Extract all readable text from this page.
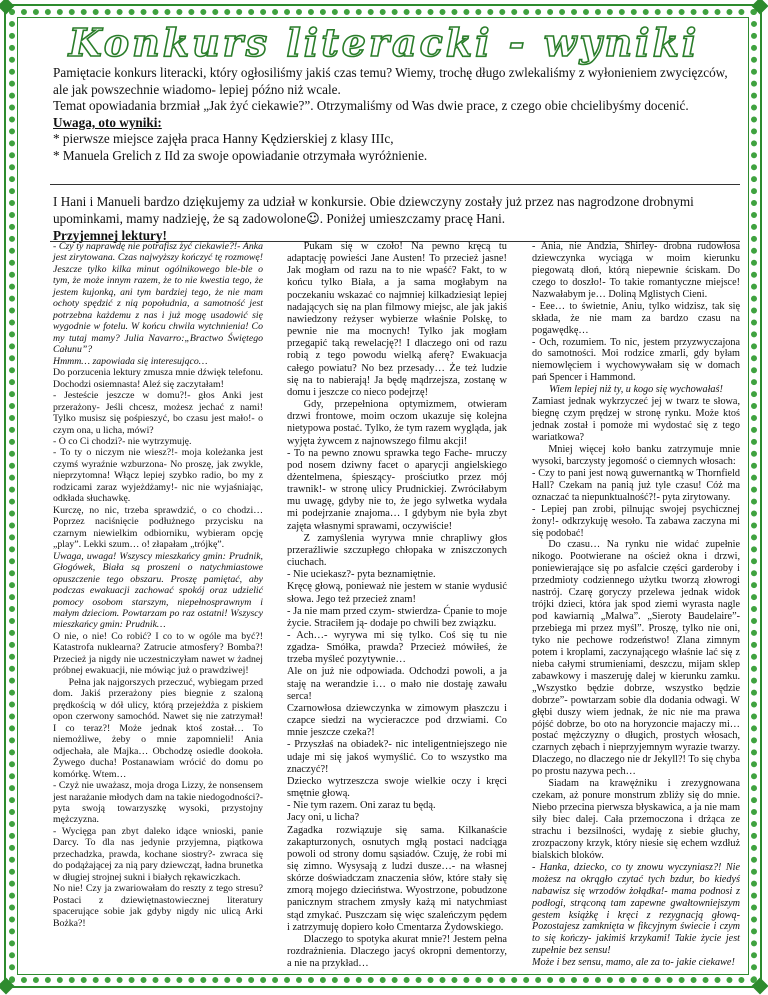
Konkurs literacki - wyniki

Pamiętacie konkurs literacki, który ogłosiliśmy jakiś czas temu? Wiemy, trochę długo zwlekaliśmy z wyłonieniem zwycięzców, ale jak powszechnie wiadomo- lepiej późno niż wcale.

Temat opowiadania brzmiał „Jak żyć ciekawie?”. Otrzymaliśmy od Was dwie prace, z czego obie chcielibyśmy docenić.

Uwaga, oto wyniki:

* pierwsze miejsce zajęła praca Hanny Kędzierskiej z klasy IIIc,

* Manuela Grelich z IId za swoje opowiadanie otrzymała wyróżnienie.

I Hani i Manueli bardzo dziękujemy za udział w konkursie. Obie dziewczyny zostały już przez nas nagrodzone drobnymi upominkami, mamy nadzieję, że są zadowolone☺. Poniżej umieszczamy pracę Hani.

Przyjemnej lektury!

- Czy ty naprawdę nie potrafisz żyć ciekawie?!- Anka jest zirytowana. Czas najwyższy kończyć tę rozmowę! Jeszcze tylko kilka minut ogólnikowego ble-ble o tym, że może innym razem, że to nie kwestia tego, że jestem kujonką, ani tym bardziej tego, że nie mam ochoty spędzić z nią popołudnia, a samotność jest potrzebna każdemu z nas i już mogę usadowić się wygodnie w fotelu. W końcu chwila wytchnienia! Co my tutaj mamy? Julia Navarro:„Bractwo Świętego Całunu”?

Hmmm… zapowiada się interesująco…

Do porzucenia lektury zmusza mnie dźwięk telefonu. Dochodzi osiemnasta! Aleź się zaczytałam!

- Jesteście jeszcze w domu?!- głos Anki jest przerażony- Jeśli chcesz, możesz jechać z nami! Tylko musisz się pośpieszyć, bo czasu jest mało!- o czym ona, u licha, mówi?

- O co Ci chodzi?- nie wytrzymuję.

- To ty o niczym nie wiesz?!- moja koleżanka jest czymś wyraźnie wzburzona- No proszę, jak zwykle, nieprzytomna! Włącz lepiej szybko radio, bo my z rodzicami zaraz wyjeżdżamy!- nic nie wyjaśniając, odkłada słuchawkę.

Kurczę, no nic, trzeba sprawdzić, o co chodzi… Poprzez naciśnięcie podłużnego przycisku na czarnym niewielkim odbiorniku, wybieram opcję „play”. Lekki szum… o! złapałam „trójkę”.

Uwaga, uwaga! Wszyscy mieszkańcy gmin: Prudnik, Głogówek, Biała są proszeni o natychmiastowe opuszczenie tego obszaru. Proszę pamiętać, aby podczas ewakuacji zachować spokój oraz udzielić pomocy osobom starszym, niepełnosprawnym i małym dzieciom. Powtarzam po raz ostatni! Wszyscy mieszkańcy gmin: Prudnik…

O nie, o nie! Co robić? I co to w ogóle ma być?! Katastrofa nuklearna? Zatrucie atmosfery? Bomba?! Przecież ja nigdy nie uczestniczyłam nawet w żadnej próbnej ewakuacji, nie mówiąc już o prawdziwej!

Pełna jak najgorszych przeczuć, wybiegam przed dom. Jakiś przerażony pies biegnie z szaloną prędkością w dół ulicy, którą przejeżdża z piskiem opon czerwony samochód. Nawet się nie zatrzymał! I co teraz?! Może jednak ktoś został… To niemożliwe, żeby o mnie zapomnieli! Ania odjechała, ale Majka… Obchodzę osiedle dookoła. Żywego ducha! Postanawiam wrócić do domu po komórkę. Wtem…

- Czyż nie uważasz, moja droga Lizzy, że nonsensem jest narażanie młodych dam na takie niedogodności?- pyta swoją towarzyszkę wysoki, przystojny mężczyzna.

- Wycięga pan zbyt daleko idące wnioski, panie Darcy. To dla nas jedynie przyjemna, piątkowa przechadzka, prawda, kochane siostry?- zwraca się do podążającej za nią pary dziewcząt, ładna brunetka w długiej strojnej sukni i białych rękawiczkach.

No nie! Czy ja zwariowałam do reszty z tego stresu? Postaci z dziewiętnastowiecznej literatury spacerujące sobie jak gdyby nigdy nic ulicą Arki Bożka?!

Pukam się w czoło! Na pewno kręcą tu adaptację powieści Jane Austen! To przecież jasne! Jak mogłam od razu na to nie wpaść? Fakt, to w końcu tylko Biała, a ja sama mogłabym na poczekaniu wskazać co najmniej kilkadziesiąt lepiej nadających się na plan filmowy miejsc, ale jak jakiś nawiedzony reżyser wybierze właśnie Polskę, to pewnie nie ma mocnych! Tylko jak mogłam przegapić taką rewelację?! I dlaczego oni od razu robią z tego powodu wielką aferę? Ewakuacja całego powiatu? No bez przesady… Że też ludzie się na to nabierają! Ja będę mądrzejsza, zostanę w domu i jeszcze co nieco podejrzę!

Gdy, przepełniona optymizmem, otwieram drzwi frontowe, moim oczom ukazuje się kolejna nietypowa postać. Tylko, że tym razem wygląda, jak wyjęta żywcem z najnowszego filmu akcji!

- To na pewno znowu sprawka tego Fache- mruczy pod nosem dziwny facet o aparycji angielskiego dżentelmena, śpieszący- prościutko przez mój trawnik!- w stronę ulicy Prudnickiej. Zwróciłabym mu uwagę, gdyby nie to, że jego sylwetka wydała mi podejrzanie znajoma… I gdybym nie była zbyt zajęta własnymi sprawami, oczywiście!

Z zamyślenia wyrywa mnie chrapliwy głos przeraźliwie szczupłego chłopaka w zniszczonych ciuchach.

- Nie uciekasz?- pyta beznamiętnie.

Kręcę głową, ponieważ nie jestem w stanie wydusić słowa. Jego też przecież znam!

- Ja nie mam przed czym- stwierdza- Ćpanie to moje życie. Straciłem ją- dodaje po chwili bez związku.

- Ach…- wyrywa mi się tylko. Coś się tu nie zgadza- Smółka, prawda? Przecież mówiłeś, że trzeba myśleć pozytywnie…

Ale on już nie odpowiada. Odchodzi powoli, a ja staję na werandzie i… o mało nie dostaję zawału serca!

Czarnowłosa dziewczynka w zimowym płaszczu i czapce siedzi na wycieraczce pod drzwiami. Co mnie jeszcze czeka?!

- Przyszłaś na obiadek?- nic inteligentniejszego nie udaje mi się jakoś wymyślić. Co to wszystko ma znaczyć?!

Dziecko wytrzeszcza swoje wielkie oczy i kręci smętnie głową.

- Nie tym razem. Oni zaraz tu będą.

Jacy oni, u licha?

Zagadka rozwiązuje się sama. Kilkanaście zakapturzonych, osnutych mgłą postaci nadciąga powoli od strony domu sąsiadów. Czuję, że robi mi się zimno. Wysysają z ludzi dusze…- na własnej skórze doświadczam znaczenia słów, które stały się zmorą mojego dzieciństwa. Wyostrzone, pobudzone panicznym strachem zmysły każą mi natychmiast stąd zmykać. Puszczam się więc szaleńczym pędem i zatrzymuję dopiero koło Cmentarza Żydowskiego.

Dlaczego to spotyka akurat mnie?! Jestem pełna rozdrażnienia. Dlaczego jacyś okropni dementorzy, a nie na przykład…

- Ania, nie Andzia, Shirley- drobna rudowłosa dziewczynka wyciąga w moim kierunku piegowatą dłoń, którą niepewnie ściskam. Do czego to doszło!- To takie romantyczne miejsce! Nazwałabym je… Doliną Mglistych Cieni.

- Eee… to świetnie, Aniu, tylko widzisz, tak się składa, że nie mam za bardzo czasu na pogawędkę…

- Och, rozumiem. To nic, jestem przyzwyczajona do samotności. Moi rodzice zmarli, gdy byłam niemowlęciem i wychowywałam się w domach pań Spencer i Hammond.

Wiem lepiej niż ty, u kogo się wychowałaś!

Zamiast jednak wykrzyczeć jej w twarz te słowa, biegnę czym prędzej w stronę rynku. Może ktoś jednak został i pomoże mi wydostać się z tego wariatkowa?

Mniej więcej koło banku zatrzymuje mnie wysoki, barczysty jegomość o ciemnych włosach:

- Czy to pani jest nową guwernantką w Thornfield Hall? Czekam na panią już tyle czasu! Cóż ma oznaczać ta niepunktualność?!- pyta zirytowany.

- Lepiej pan zrobi, pilnując swojej psychicznej żony!- odkrzykuję wesoło. Ta zabawa zaczyna mi się podobać!

Do czasu… Na rynku nie widać zupełnie nikogo. Pootwierane na oścież okna i drzwi, poniewierające się po asfalcie części garderoby i przedmioty codziennego użytku tworzą złowrogi nastrój. Czarę goryczy przelewa jednak widok trójki dzieci, która jak spod ziemi wyrasta nagle pod kawiarnią „Malwa”. „Sieroty Baudelaire”- przebiega mi przez myśl”. Proszę, tylko nie oni, tyko nie pechowe rodzeństwo! Zlana zimnym potem i kroplami, zaczynającego właśnie lać się z nieba całymi strumieniami, deszczu, mijam sklep zabawkowy i maszeruję dalej w kierunku zamku. „Wszystko będzie dobrze, wszystko będzie dobrze”- powtarzam sobie dla dodania odwagi. W głębi duszy wiem jednak, że nic nie ma prawa pójść dobrze, bo oto na horyzoncie majaczy mi… postać mężczyzny o długich, prostych włosach, czarnych zębach i nieprzyjemnym wyrazie twarzy. Dlaczego, no dlaczego nie dr Jekyll?! To się chyba po prostu nazywa pech…

Siadam na krawężniku i zrezygnowana czekam, aż ponure monstrum zbliży się do mnie. Niebo przecina pierwsza błyskawica, a ja nie mam siły biec dalej. Cała przemoczona i drżąca ze strachu i bezsilności, wydaję z siebie głuchy, zrozpaczony krzyk, który niesie się echem wzdłuż bialskich bloków.

- Hanka, dziecko, co ty znowu wyczyniasz?! Nie możesz na okrągło czytać tych bzdur, bo kiedyś nabawisz się wrzodów żołądka!- mama podnosi z podłogi, strąconą tam zapewne gwałtowniejszym gestem książkę i kręci z rezygnacją głową- Pozostajesz zamknięta w fikcyjnym świecie i czym to się kończy- jakimiś krzykami! Takie życie jest zupełnie bez sensu!

Może i bez sensu, mamo, ale za to- jakie ciekawe!
